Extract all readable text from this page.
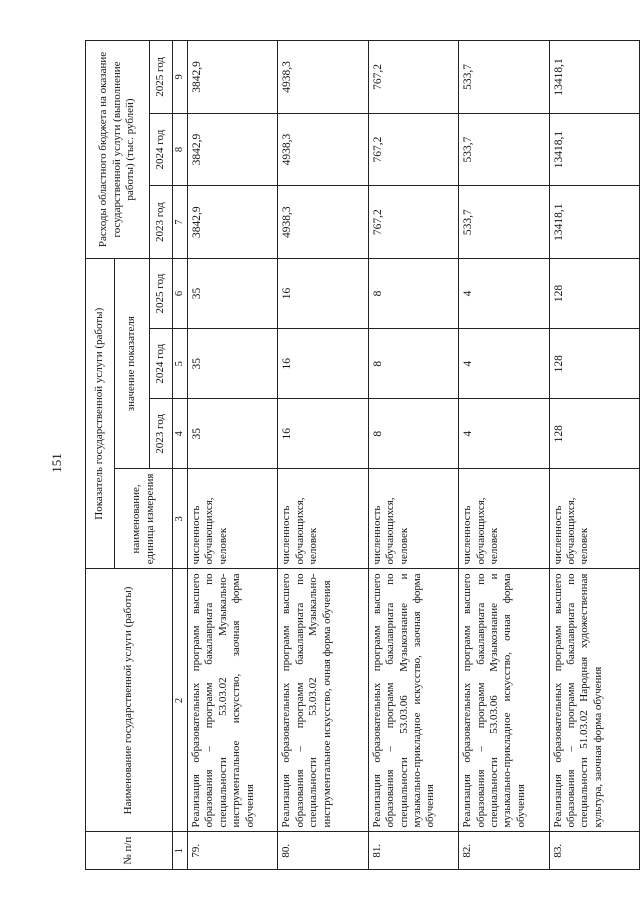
151
№ п/п	Наименование государственной услуги (работы)	Показатель государственной услуги (работы)				Расходы областного бюджета на оказание государственной услуги (выполнение работы) (тыс. рублей)		
		наименование, единица измерения	значение показателя					
			2023 год	2024 год	2025 год	2023 год	2024 год	2025 год
1	2	3	4	5	6	7	8	9
79.	Реализация образовательных программ высшего образования – программ бакалавриата по специальности 53.03.02 Музыкально-инструментальное искусство, заочная форма обучения	численность обучающихся, человек	35	35	35	3842,9	3842,9	3842,9
80.	Реализация образовательных программ высшего образования – программ бакалавриата по специальности 53.03.02 Музыкально-инструментальное искусство, очная форма обучения	численность обучающихся, человек	16	16	16	4938,3	4938,3	4938,3
81.	Реализация образовательных программ высшего образования – программ бакалавриата по специальности 53.03.06 Музыкознание и музыкально-прикладное искусство, заочная форма обучения	численность обучающихся, человек	8	8	8	767,2	767,2	767,2
82.	Реализация образовательных программ высшего образования – программ бакалавриата по специальности 53.03.06 Музыкознание и музыкально-прикладное искусство, очная форма обучения	численность обучающихся, человек	4	4	4	533,7	533,7	533,7
83.	Реализация образовательных программ высшего образования – программ бакалавриата по специальности 51.03.02 Народная художественная культура, заочная форма обучения	численность обучающихся, человек	128	128	128	13418,1	13418,1	13418,1
